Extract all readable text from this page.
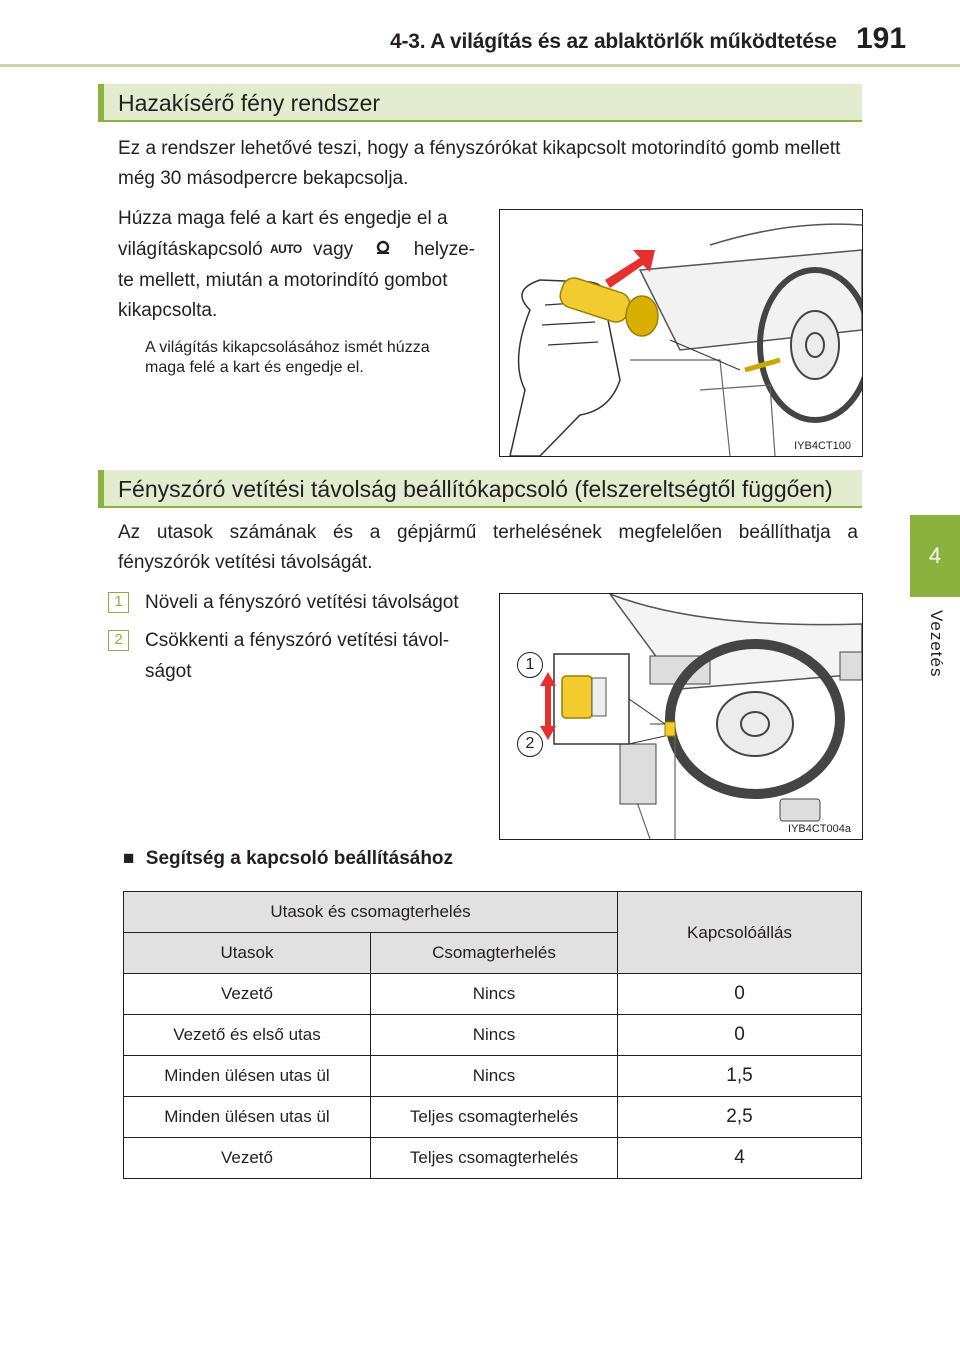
4-3. A világítás és az ablaktörlők működtetése 191
4
Vezetés
Hazakísérő fény rendszer
Ez a rendszer lehetővé teszi, hogy a fényszórókat kikapcsolt motorindító gomb mellett még 30 másodpercre bekapcsolja.
Húzza maga felé a kart és engedje el a
világításkapcsoló AUTO vagy	helyze-
te mellett, miután a motorindító gombot
kikapcsolta.
A világítás kikapcsolásához ismét húzza
maga felé a kart és engedje el.
IYB4CT100
Fényszóró vetítési távolság beállítókapcsoló (felszereltségtől függően)
Az utasok számának és a gépjármű terhelésének megfelelően beállíthatja a
fényszórók vetítési távolságát.
1	Növeli a fényszóró vetítési távolságot
2	Csökkenti a fényszóró vetítési távol-
ságot	1
2
IYB4CT004a
■ Segítség a kapcsoló beállításához
Utasok és csomagterhelés		Kapcsolóállás
Utasok	Csomagterhelés	
Vezető	Nincs	0
Vezető és első utas	Nincs	0
Minden ülésen utas ül	Nincs	1,5
Minden ülésen utas ül	Teljes csomagterhelés	2,5
Vezető	Teljes csomagterhelés	4
